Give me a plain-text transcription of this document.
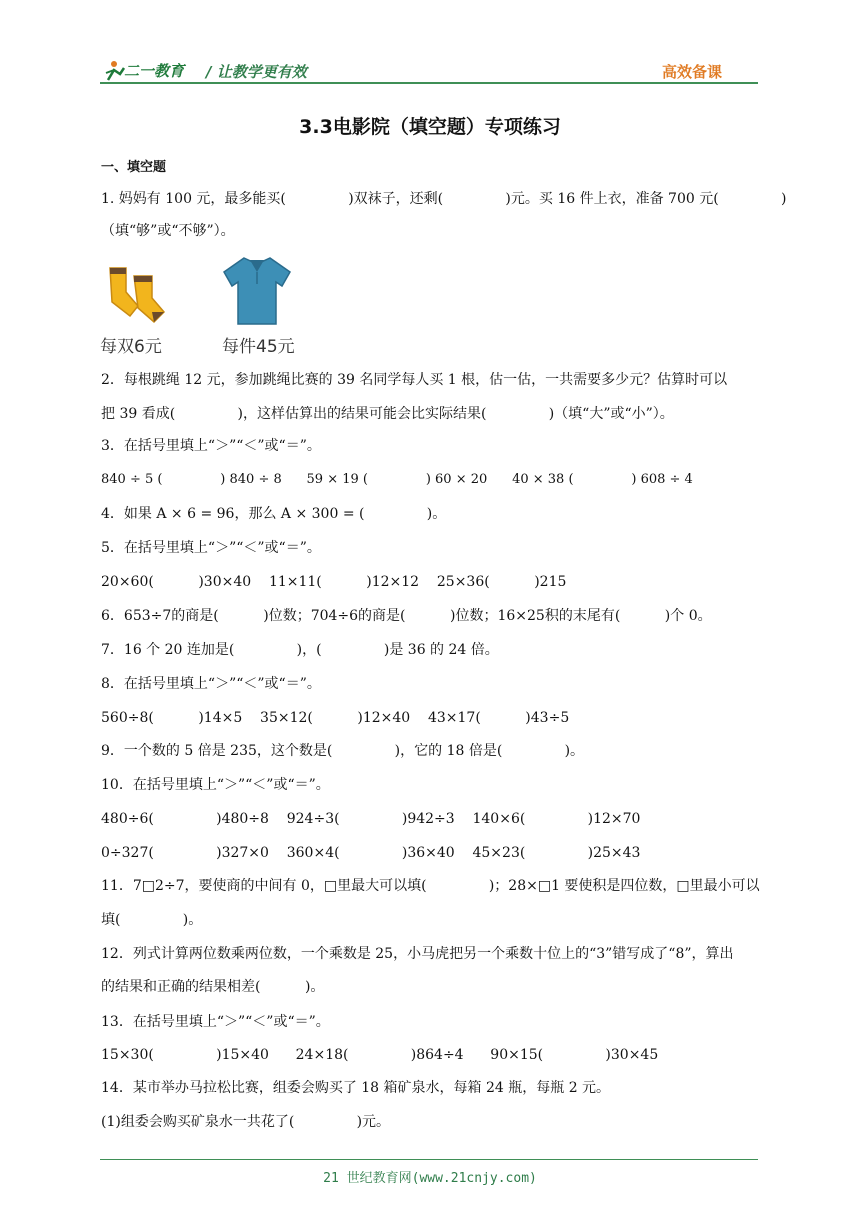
二一教育 / 让教学更有效	高效备课
3.3电影院（填空题）专项练习
一、填空题
1. 妈妈有 100 元，最多能买(              )双袜子，还剩(              )元。买 16 件上衣，准备 700 元(              )
（填“够”或“不够”）。
每双6元	每件45元
2．每根跳绳 12 元，参加跳绳比赛的 39 名同学每人买 1 根，估一估，一共需要多少元？估算时可以
把 39 看成(              )，这样估算出的结果可能会比实际结果(              )（填“大”或“小”）。
3．在括号里填上“＞”“＜”或“＝”。
840 ÷ 5 (              ) 840 ÷ 8      59 × 19 (              ) 60 × 20      40 × 38 (              ) 608 ÷ 4
4．如果 A × 6 = 96，那么 A × 300 = (              )。
5．在括号里填上“＞”“＜”或“＝”。
20×60(          )30×40    11×11(          )12×12    25×36(          )215
6．653÷7的商是(          )位数；704÷6的商是(          )位数；16×25积的末尾有(          )个 0。
7．16 个 20 连加是(              )，(              )是 36 的 24 倍。
8．在括号里填上“＞”“＜”或“＝”。
560÷8(          )14×5    35×12(          )12×40    43×17(          )43÷5
9．一个数的 5 倍是 235，这个数是(              )，它的 18 倍是(              )。
10．在括号里填上“＞”“＜”或“＝”。
480÷6(              )480÷8    924÷3(              )942÷3    140×6(              )12×70
0÷327(              )327×0    360×4(              )36×40    45×23(              )25×43
11．7□2÷7，要使商的中间有 0，□里最大可以填(              )；28×□1 要使积是四位数，□里最小可以
填(              )。
12．列式计算两位数乘两位数，一个乘数是 25，小马虎把另一个乘数十位上的“3”错写成了“8”，算出
的结果和正确的结果相差(          )。
13．在括号里填上“＞”“＜”或“＝”。
15×30(              )15×40      24×18(              )864÷4      90×15(              )30×45
14．某市举办马拉松比赛，组委会购买了 18 箱矿泉水，每箱 24 瓶，每瓶 2 元。
(1)组委会购买矿泉水一共花了(              )元。
21 世纪教育网(www.21cnjy.com)
